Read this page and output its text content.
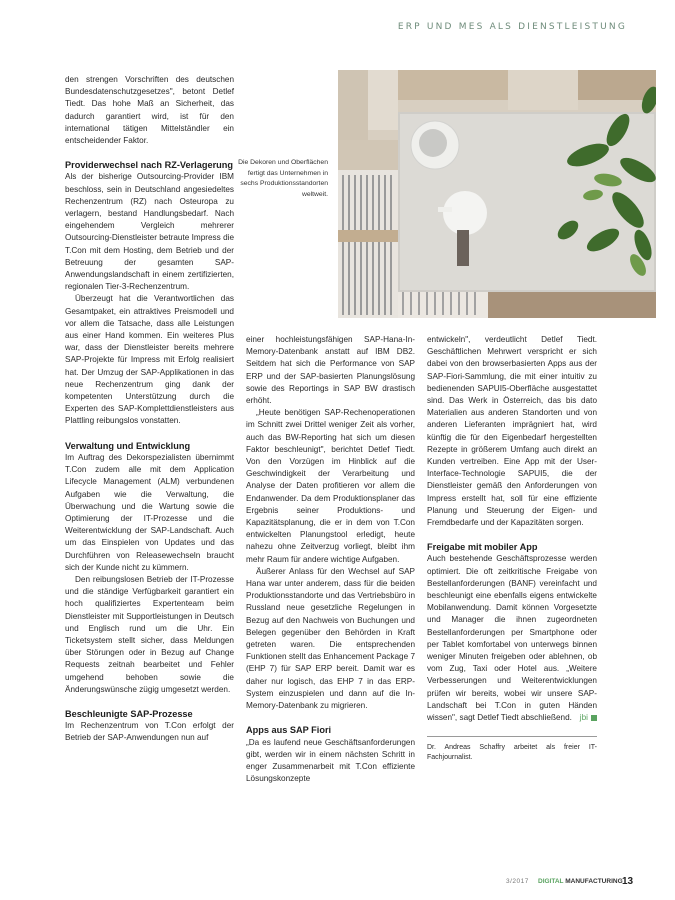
ERP UND MES ALS DIENSTLEISTUNG

den strengen Vorschriften des deutschen Bundesdatenschutzgesetzes", betont Detlef Tiedt. Das hohe Maß an Sicherheit, das dadurch garantiert wird, ist für den international tätigen Mittelständler ein entscheidender Faktor.

Providerwechsel nach RZ-Verlagerung

Als der bisherige Outsourcing-Provider IBM beschloss, sein in Deutschland angesiedeltes Rechenzentrum (RZ) nach Osteuropa zu verlagern, bestand Handlungsbedarf. Nach eingehendem Vergleich mehrerer Outsourcing-Dienstleister betraute Impress die T.Con mit dem Hosting, dem Betrieb und der Betreuung der gesamten SAP-Anwendungslandschaft in einem zertifizierten, regionalen Tier-3-Rechenzentrum.

Überzeugt hat die Verantwortlichen das Gesamtpaket, ein attraktives Preismodell und vor allem die Tatsache, dass alle Leistungen aus einer Hand kommen. Ein weiteres Plus war, dass der Dienstleister bereits mehrere SAP-Projekte für Impress mit Erfolg realisiert hat. Der Umzug der SAP-Applikationen in das neue Rechenzentrum ging dank der kompetenten Unterstützung durch die Experten des SAP-Komplettdienstleisters aus Plattling reibungslos vonstatten.

Verwaltung und Entwicklung

Im Auftrag des Dekorspezialisten übernimmt T.Con zudem alle mit dem Application Lifecycle Management (ALM) verbundenen Aufgaben wie die Verwaltung, die Überwachung und die Wartung sowie die Optimierung der IT-Prozesse und die Weiterentwicklung der SAP-Landschaft. Auch um das Einspielen von Updates und das Durchführen von Releasewechseln braucht sich der Kunde nicht zu kümmern.

Den reibungslosen Betrieb der IT-Prozesse und die ständige Verfügbarkeit garantiert ein hoch qualifiziertes Expertenteam beim Dienstleister mit Supportleistungen in Deutsch und Englisch rund um die Uhr. Ein Ticketsystem stellt sicher, dass Meldungen über Störungen oder in Bezug auf Change Requests zeitnah bearbeitet und Fehler umgehend behoben sowie die Änderungswünsche zügig umgesetzt werden.

Beschleunigte SAP-Prozesse

Im Rechenzentrum von T.Con erfolgt der Betrieb der SAP-Anwendungen nun auf

Die Dekoren und Oberflächen fertigt das Unternehmen in sechs Produktionsstandorten weltweit.

einer hochleistungsfähigen SAP-Hana-In-Memory-Datenbank anstatt auf IBM DB2. Seitdem hat sich die Performance von SAP ERP und der SAP-basierten Planungslösung sowie des Reportings in SAP BW drastisch erhöht.

„Heute benötigen SAP-Rechenoperationen im Schnitt zwei Drittel weniger Zeit als vorher, auch das BW-Reporting hat sich um diesen Faktor beschleunigt", berichtet Detlef Tiedt. Von den Vorzügen im Hinblick auf die Geschwindigkeit der Verarbeitung und Analyse der Daten profitieren vor allem die Endanwender. Da dem Produktionsplaner das Ergebnis seiner Produktions- und Kapazitätsplanung, die er in dem von T.Con entwickelten Planungstool erledigt, heute nahezu ohne Zeitverzug vorliegt, bleibt ihm mehr Raum für andere wichtige Aufgaben.

Äußerer Anlass für den Wechsel auf SAP Hana war unter anderem, dass für die beiden Produktionsstandorte und das Vertriebsbüro in Russland neue gesetzliche Regelungen in Bezug auf den Nachweis von Buchungen und Belegen gegenüber den Behörden in Kraft getreten waren. Die entsprechenden Funktionen stellt das Enhancement Package 7 (EHP 7) für SAP ERP bereit. Damit war es daher nur logisch, das EHP 7 in das ERP-System einzuspielen und dann auf die In-Memory-Datenbank zu migrieren.

Apps aus SAP Fiori

„Da es laufend neue Geschäftsanforderungen gibt, werden wir in einem nächsten Schritt in enger Zusammenarbeit mit T.Con effiziente Lösungskonzepte

entwickeln", verdeutlicht Detlef Tiedt. Geschäftlichen Mehrwert verspricht er sich dabei von den browserbasierten Apps aus der SAP-Fiori-Sammlung, die mit einer intuitiv zu bedienenden SAPUI5-Oberfläche ausgestattet sind. Das Werk in Österreich, das bis dato Materialien aus anderen Standorten und von anderen Lieferanten imprägniert hat, wird künftig die für den Eigenbedarf hergestellten Rezepte in größerem Umfang auch direkt an Kunden vertreiben. Eine App mit der User-Interface-Technologie SAPUI5, die der Dienstleister gemäß den Anforderungen von Impress erstellt hat, soll für eine effiziente Planung und Steuerung der Eigen- und Fremdbedarfe und der Kapazitäten sorgen.

Freigabe mit mobiler App

Auch bestehende Geschäftsprozesse werden optimiert. Die oft zeitkritische Freigabe von Bestellanforderungen (BANF) vereinfacht und beschleunigt eine ebenfalls eigens entwickelte Mobilanwendung. Damit können Vorgesetzte und Manager die ihnen zugeordneten Bestellanforderungen per Smartphone oder per Tablet komfortabel von unterwegs binnen weniger Minuten freigeben oder ablehnen, ob vom Zug, Taxi oder Hotel aus. „Weitere Verbesserungen und Weiterentwicklungen prüfen wir bereits, wobei wir unsere SAP-Landschaft bei T.Con in guten Händen wissen", sagt Detlef Tiedt abschließend. jbi

Dr. Andreas Schaffry arbeitet als freier IT-Fachjournalist.
3/2017 DIGITAL MANUFACTURING 13
